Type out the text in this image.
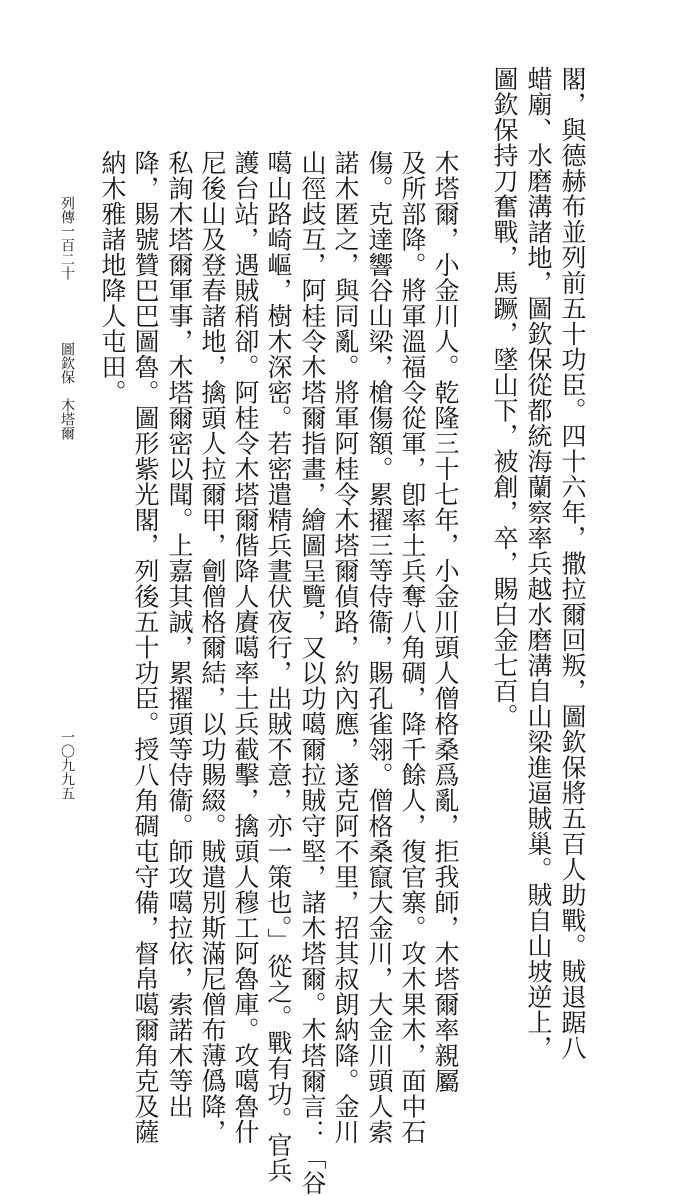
閣，與德赫布並列前五十功臣。四十六年，撒拉爾回叛，圖欽保將五百人助戰。賊退踞八
蜡廟、水磨溝諸地，圖欽保從都統海蘭察率兵越水磨溝自山梁進逼賊巢。賊自山坡逆上，
圖欽保持刀奮戰，馬蹶，墜山下，被創，卒，賜白金七百。
木塔爾，小金川人。乾隆三十七年，小金川頭人僧格桑爲亂，拒我師，木塔爾率親屬
及所部降。將軍溫福令從軍，卽率土兵奪八角碉，降千餘人，復官寨。攻木果木，面中石
傷。克達響谷山梁，槍傷額。累擢三等侍衞，賜孔雀翎。僧格桑竄大金川，大金川頭人索
諾木匿之，與同亂。將軍阿桂令木塔爾偵路，約內應，遂克阿不里，招其叔朗納降。金川
山徑歧互，阿桂令木塔爾指畫，繪圖呈覽，又以功噶爾拉賊守堅，諸木塔爾。木塔爾言：「谷
噶山路崎嶇，樹木深密。若密遣精兵晝伏夜行，出賊不意，亦一策也。」從之。戰有功。官兵
護台站，遇賊稍卻。阿桂令木塔爾偕降人賡噶率土兵截擊，擒頭人穆工阿魯庫。攻噶魯什
尼後山及登春諸地，擒頭人拉爾甲，劊僧格爾結，以功賜綴。賊遣別斯滿尼僧布薄僞降，
私詢木塔爾軍事，木塔爾密以聞。上嘉其誠，累擢頭等侍衞。師攻噶拉依，索諾木等出
降，賜號贊巴巴圖魯。圖形紫光閣，列後五十功臣。授八角碉屯守備，督帛噶爾角克及薩
納木雅諸地降人屯田。
列傳一百二十
圖欽保　木塔爾
一〇九九五
